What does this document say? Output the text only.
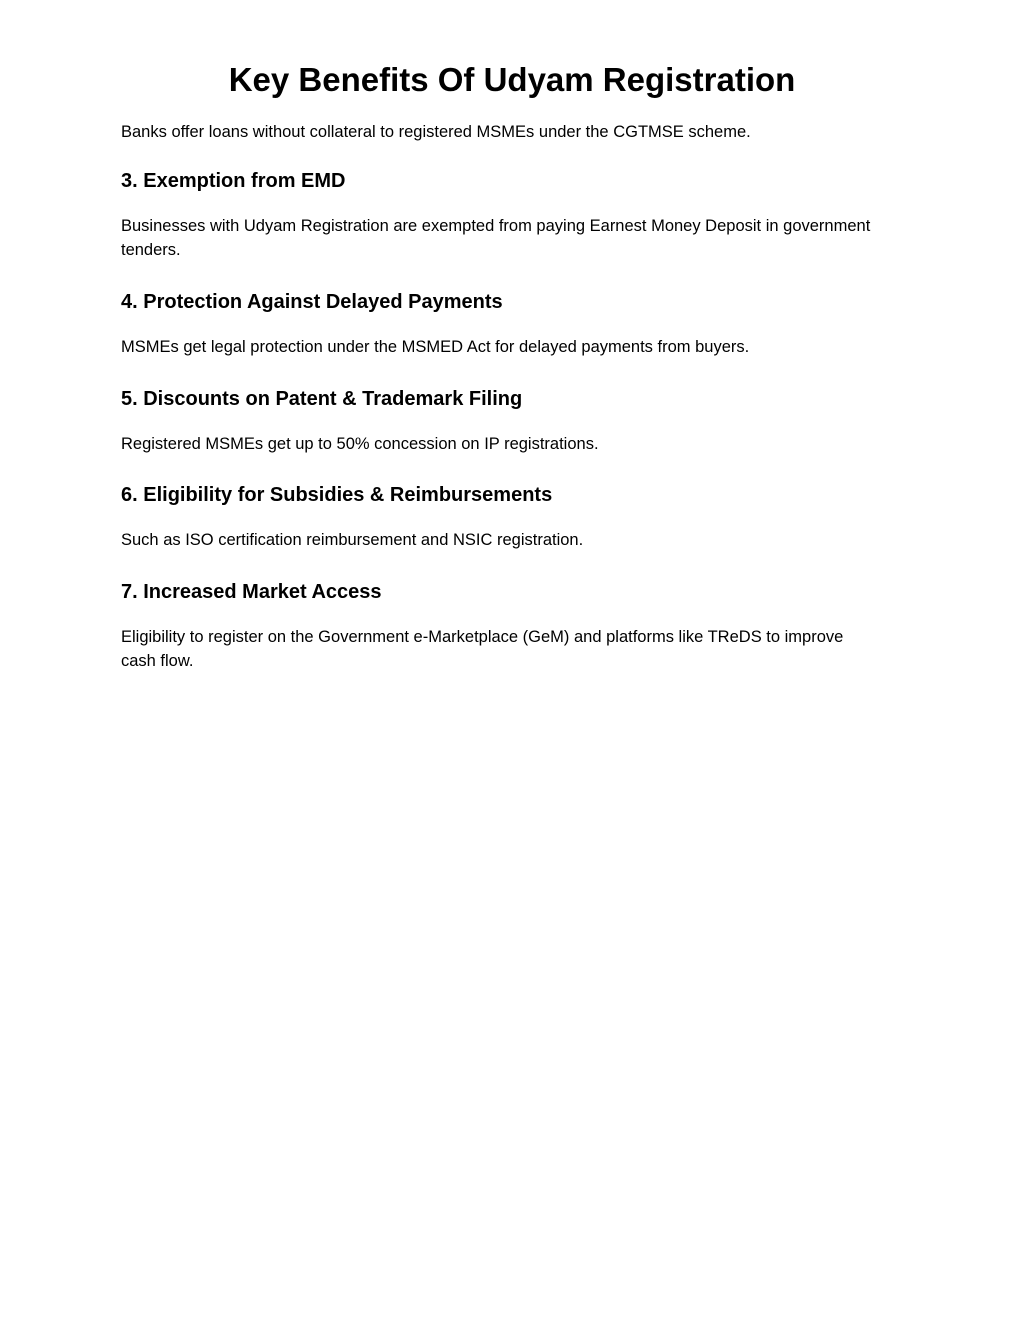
Key Benefits Of Udyam Registration

Banks offer loans without collateral to registered MSMEs under the CGTMSE scheme.

3. Exemption from EMD

Businesses with Udyam Registration are exempted from paying Earnest Money Deposit in government tenders.

4. Protection Against Delayed Payments

MSMEs get legal protection under the MSMED Act for delayed payments from buyers.

5. Discounts on Patent & Trademark Filing

Registered MSMEs get up to 50% concession on IP registrations.

6. Eligibility for Subsidies & Reimbursements

Such as ISO certification reimbursement and NSIC registration.

7. Increased Market Access

Eligibility to register on the Government e-Marketplace (GeM) and platforms like TReDS to improve cash flow.
